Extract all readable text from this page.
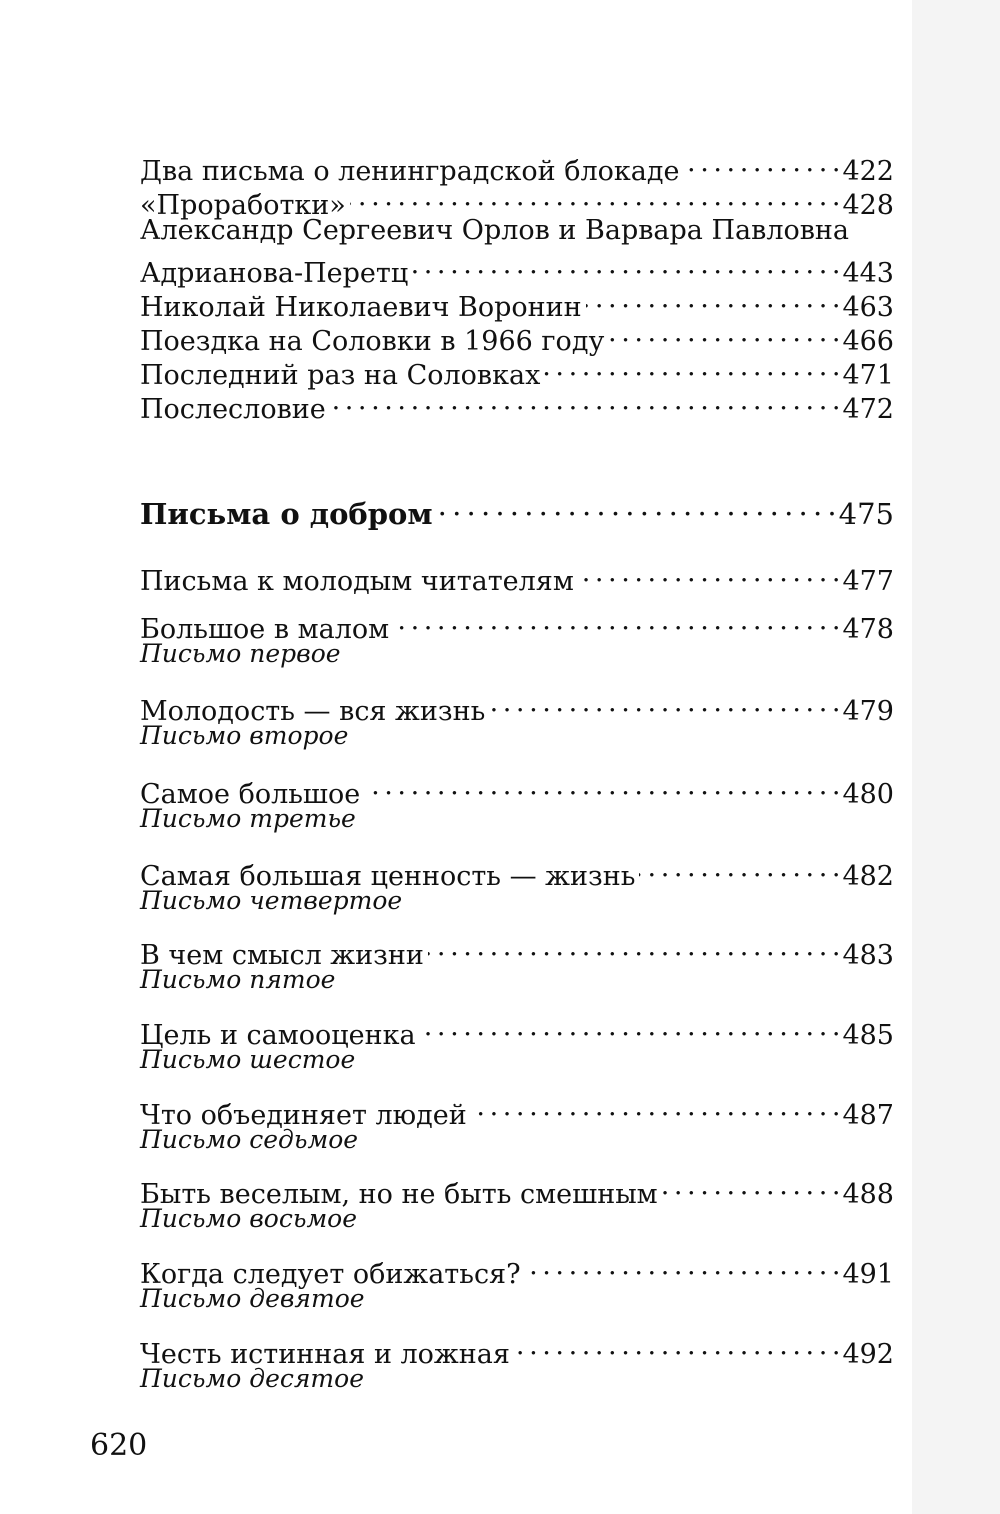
Два письма о ленинградской блокаде . . .	422
«Проработки» . . .	428
Александр Сергеевич Орлов и Варвара Павловна
Адрианова-Перетц . . .	443
Николай Николаевич Воронин . . .	463
Поездка на Соловки в 1966 году . . .	466
Последний раз на Соловках . . .	471
Послесловие . . .	472
Письма о добром . . .	475
Письма к молодым читателям . . .	477
Большое в малом . . .	478
Письмо первое
Молодость — вся жизнь . . .	479
Письмо второе
Самое большое . . .	480
Письмо третье
Самая большая ценность — жизнь . . .	482
Письмо четвертое
В чем смысл жизни . . .	483
Письмо пятое
Цель и самооценка . . .	485
Письмо шестое
Что объединяет людей . . .	487
Письмо седьмое
Быть веселым, но не быть смешным . . .	488
Письмо восьмое
Когда следует обижаться? . . .	491
Письмо девятое
Честь истинная и ложная . . .	492
Письмо десятое
620
